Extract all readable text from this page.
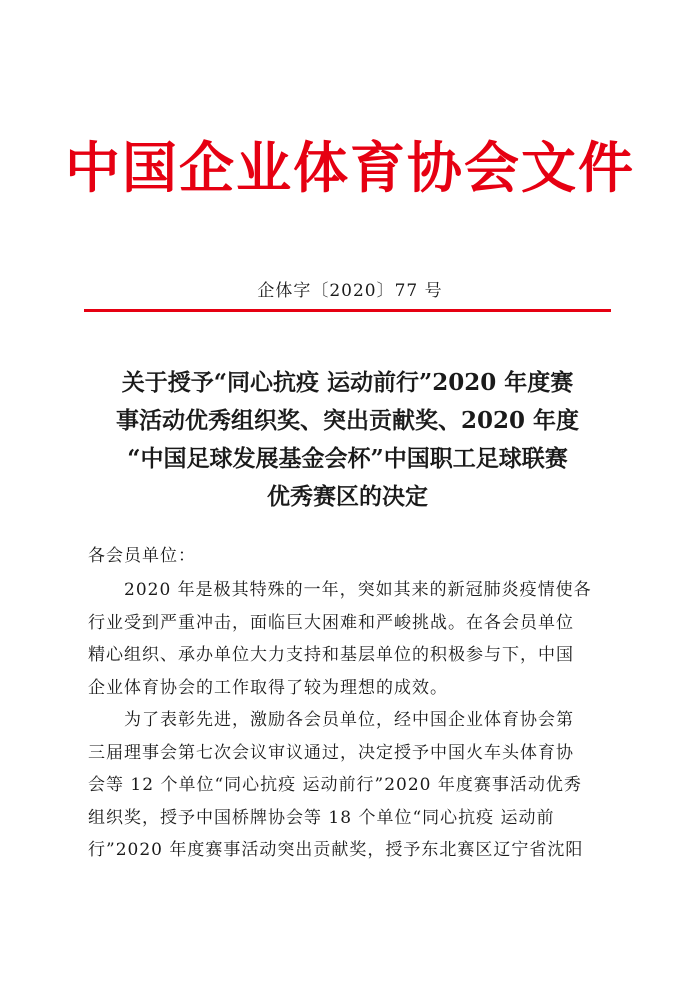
中国企业体育协会文件
企体字〔2020〕77 号
关于授予“同心抗疫 运动前行”2020 年度赛
事活动优秀组织奖、突出贡献奖、2020 年度
“中国足球发展基金会杯”中国职工足球联赛
优秀赛区的决定
各会员单位：
2020 年是极其特殊的一年，突如其来的新冠肺炎疫情使各
行业受到严重冲击，面临巨大困难和严峻挑战。在各会员单位
精心组织、承办单位大力支持和基层单位的积极参与下，中国
企业体育协会的工作取得了较为理想的成效。
为了表彰先进，激励各会员单位，经中国企业体育协会第
三届理事会第七次会议审议通过，决定授予中国火车头体育协
会等 12 个单位“同心抗疫 运动前行”2020 年度赛事活动优秀
组织奖，授予中国桥牌协会等 18 个单位“同心抗疫 运动前
行”2020 年度赛事活动突出贡献奖，授予东北赛区辽宁省沈阳
